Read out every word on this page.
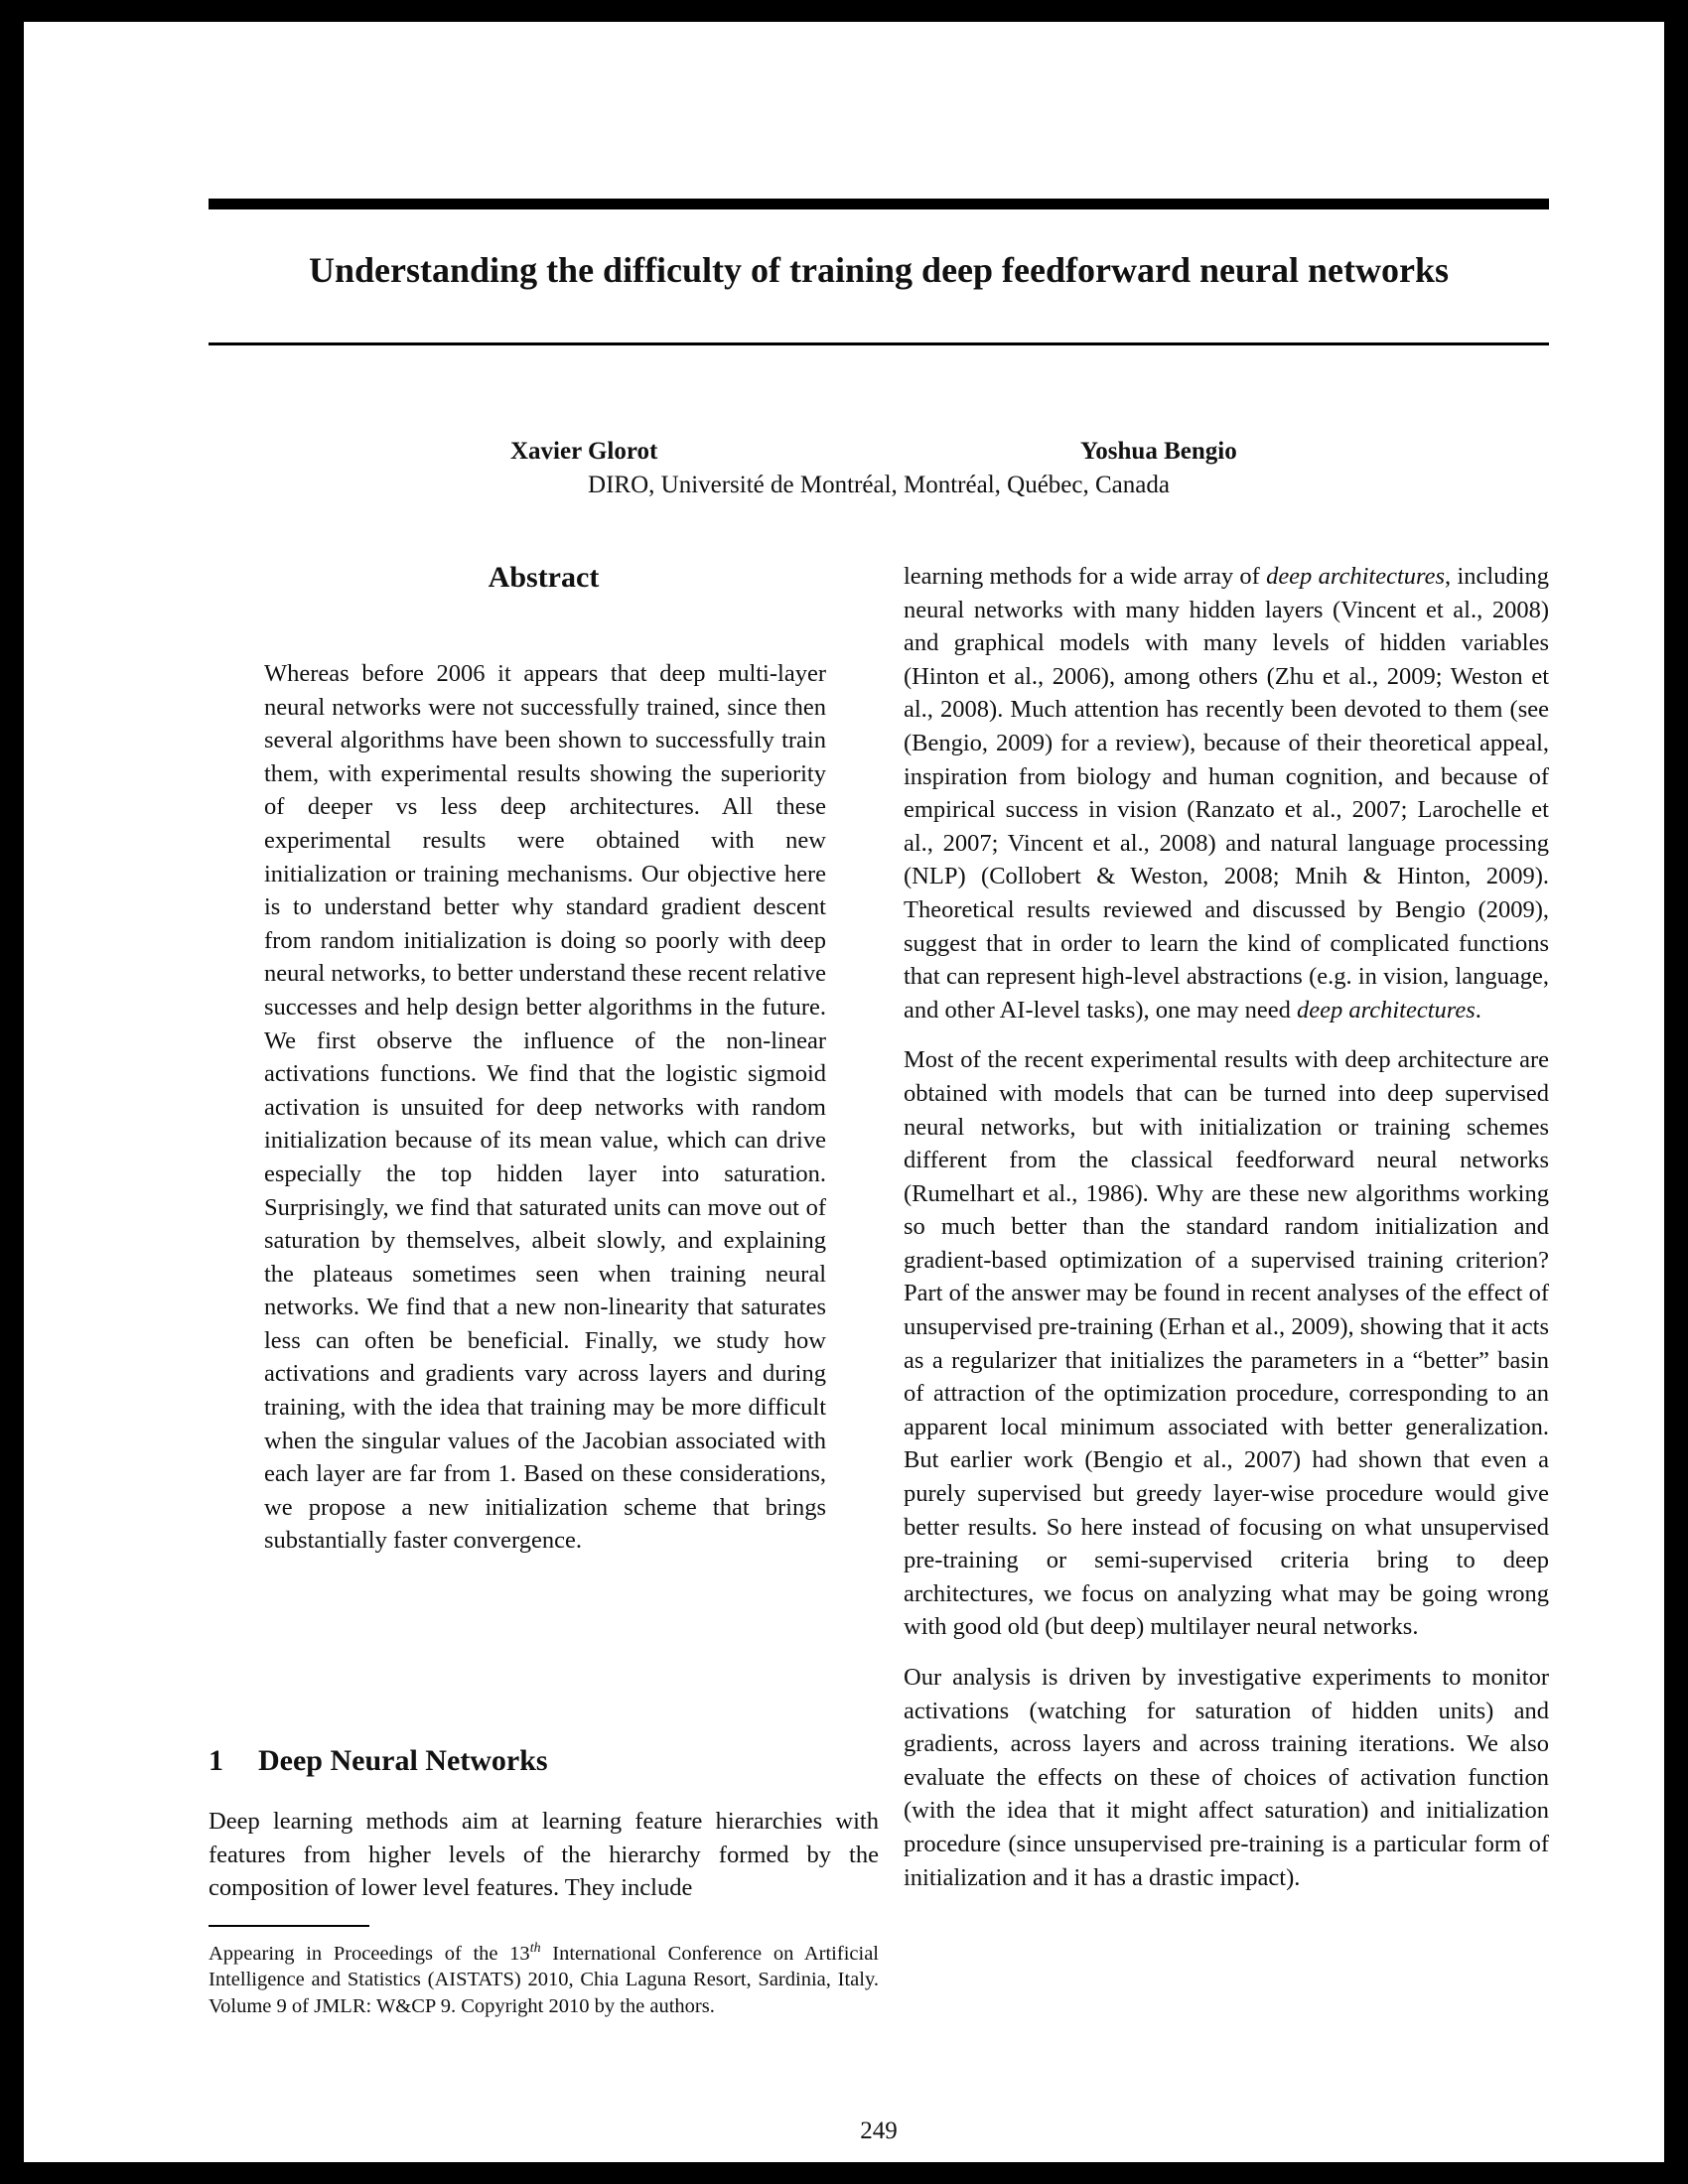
Understanding the difficulty of training deep feedforward neural networks
Xavier Glorot	Yoshua Bengio
DIRO, Université de Montréal, Montréal, Québec, Canada
Abstract
Whereas before 2006 it appears that deep multi-layer neural networks were not successfully trained, since then several algorithms have been shown to successfully train them, with experimental results showing the superiority of deeper vs less deep architectures. All these experimental results were obtained with new initialization or training mechanisms. Our objective here is to understand better why standard gradient descent from random initialization is doing so poorly with deep neural networks, to better understand these recent relative successes and help design better algorithms in the future. We first observe the influence of the non-linear activations functions. We find that the logistic sigmoid activation is unsuited for deep networks with random initialization because of its mean value, which can drive especially the top hidden layer into saturation. Surprisingly, we find that saturated units can move out of saturation by themselves, albeit slowly, and explaining the plateaus sometimes seen when training neural networks. We find that a new non-linearity that saturates less can often be beneficial. Finally, we study how activations and gradients vary across layers and during training, with the idea that training may be more difficult when the singular values of the Jacobian associated with each layer are far from 1. Based on these considerations, we propose a new initialization scheme that brings substantially faster convergence.
1 Deep Neural Networks
Deep learning methods aim at learning feature hierarchies with features from higher levels of the hierarchy formed by the composition of lower level features. They include
Appearing in Proceedings of the 13th International Conference on Artificial Intelligence and Statistics (AISTATS) 2010, Chia Laguna Resort, Sardinia, Italy. Volume 9 of JMLR: W&CP 9. Copyright 2010 by the authors.

learning methods for a wide array of deep architectures, including neural networks with many hidden layers (Vincent et al., 2008) and graphical models with many levels of hidden variables (Hinton et al., 2006), among others (Zhu et al., 2009; Weston et al., 2008). Much attention has recently been devoted to them (see (Bengio, 2009) for a review), because of their theoretical appeal, inspiration from biology and human cognition, and because of empirical success in vision (Ranzato et al., 2007; Larochelle et al., 2007; Vincent et al., 2008) and natural language processing (NLP) (Collobert & Weston, 2008; Mnih & Hinton, 2009). Theoretical results reviewed and discussed by Bengio (2009), suggest that in order to learn the kind of complicated functions that can represent high-level abstractions (e.g. in vision, language, and other AI-level tasks), one may need deep architectures.

Most of the recent experimental results with deep architecture are obtained with models that can be turned into deep supervised neural networks, but with initialization or training schemes different from the classical feedforward neural networks (Rumelhart et al., 1986). Why are these new algorithms working so much better than the standard random initialization and gradient-based optimization of a supervised training criterion? Part of the answer may be found in recent analyses of the effect of unsupervised pre-training (Erhan et al., 2009), showing that it acts as a regularizer that initializes the parameters in a “better” basin of attraction of the optimization procedure, corresponding to an apparent local minimum associated with better generalization. But earlier work (Bengio et al., 2007) had shown that even a purely supervised but greedy layer-wise procedure would give better results. So here instead of focusing on what unsupervised pre-training or semi-supervised criteria bring to deep architectures, we focus on analyzing what may be going wrong with good old (but deep) multilayer neural networks.

Our analysis is driven by investigative experiments to monitor activations (watching for saturation of hidden units) and gradients, across layers and across training iterations. We also evaluate the effects on these of choices of activation function (with the idea that it might affect saturation) and initialization procedure (since unsupervised pre-training is a particular form of initialization and it has a drastic impact).

249
